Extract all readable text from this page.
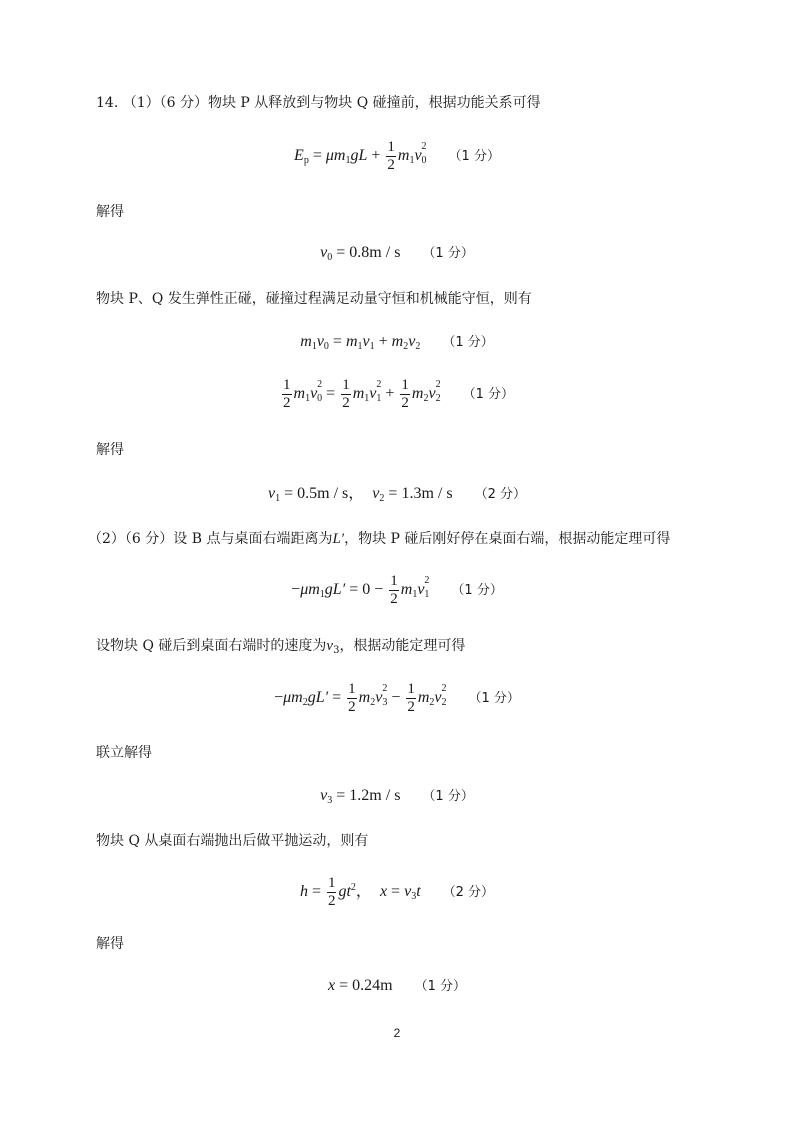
14. （1）（6 分）物块 P 从释放到与物块 Q 碰撞前，根据功能关系可得
$E_p = \mu m_1gL + \frac{1}{2} m_1v$
2
$_0$ （1 分）
解得
$v_0 = 0.8m / s$ （1 分）
物块 P、Q 发生弹性正碰，碰撞过程满足动量守恒和机械能守恒，则有
$m_1v_0 = m_1v_1 + m_2v_2$ （1 分）
$\frac{1}{2} m_1v$
2
$_0 = \frac{1}{2} m_1v$
2
$_1 + \frac{1}{2} m_2v$
2
$_2$ （1 分）
解得
$v_1 = 0.5m / s$，  $v_2 = 1.3m / s$ （2 分）
（2）（6 分）设 B 点与桌面右端距离为L′，物块 P 碰后刚好停在桌面右端，根据动能定理可得
$-\mu m_1gL' = 0 - \frac{1}{2} m_1v$
2
$_1$ （1 分）
设物块 Q 碰后到桌面右端时的速度为$v_3$，根据动能定理可得
$-\mu m_2gL' = \frac{1}{2} m_2v$
2
$_3 - \frac{1}{2} m_2v$
2
$_2$ （1 分）
联立解得
$v_3 = 1.2m / s$ （1 分）
物块 Q 从桌面右端抛出后做平抛运动，则有
$h = \frac{1}{2} gt^2$，  $x = v_3t$ （2 分）
解得
x = 0.24m （1 分）
2
